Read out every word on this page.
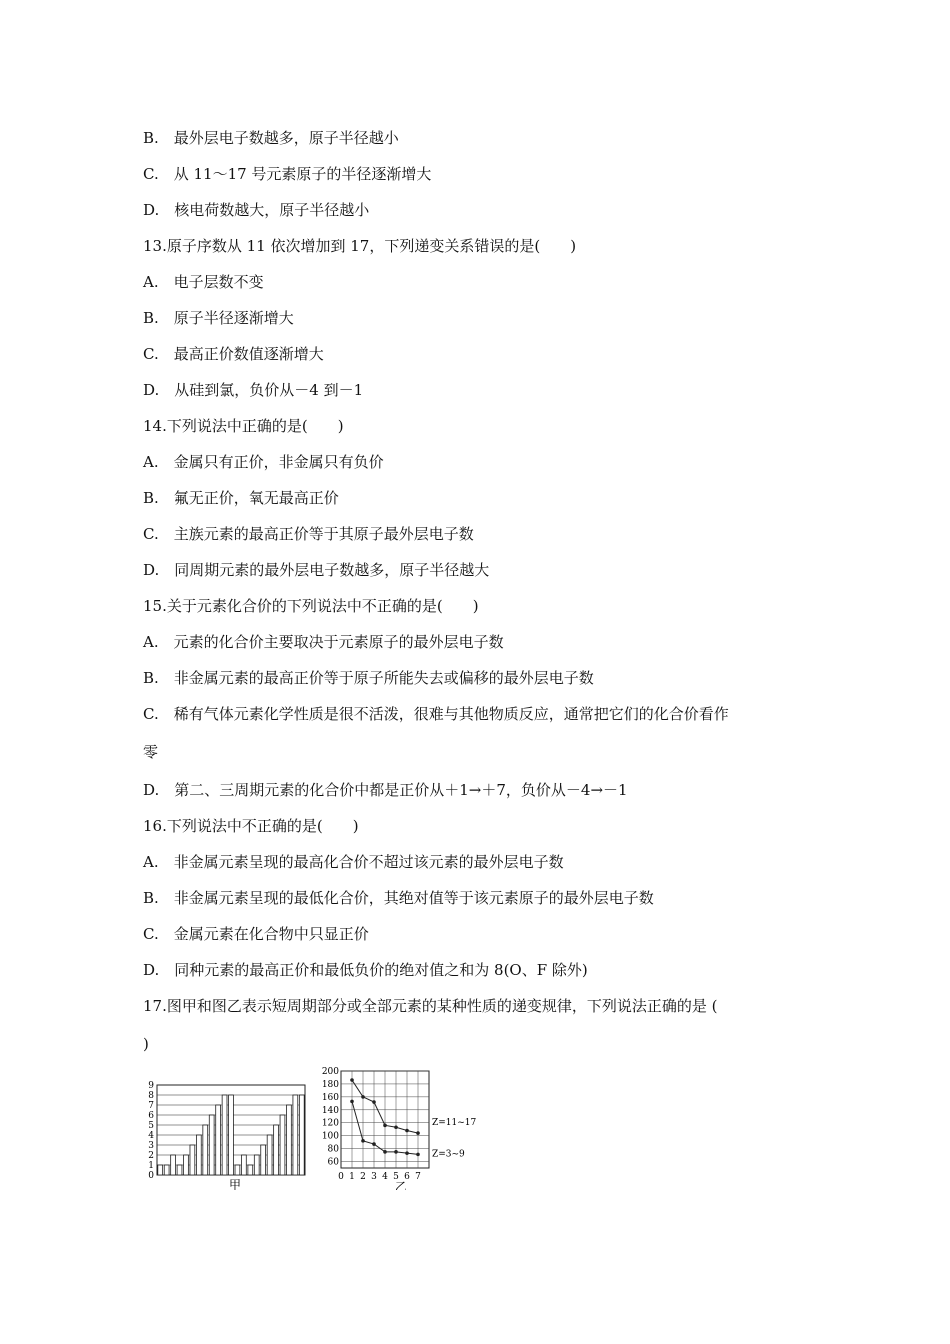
B.　最外层电子数越多，原子半径越小
C.　从 11～17 号元素原子的半径逐渐增大
D.　核电荷数越大，原子半径越小
13.原子序数从 11 依次增加到 17，下列递变关系错误的是(　　)
A.　电子层数不变
B.　原子半径逐渐增大
C.　最高正价数值逐渐增大
D.　从硅到氯，负价从－4 到－1
14.下列说法中正确的是(　　)
A.　金属只有正价，非金属只有负价
B.　氟无正价，氧无最高正价
C.　主族元素的最高正价等于其原子最外层电子数
D.　同周期元素的最外层电子数越多，原子半径越大
15.关于元素化合价的下列说法中不正确的是(　　)
A.　元素的化合价主要取决于元素原子的最外层电子数
B.　非金属元素的最高正价等于原子所能失去或偏移的最外层电子数
C.　稀有气体元素化学性质是很不活泼，很难与其他物质反应，通常把它们的化合价看作
零
D.　第二、三周期元素的化合价中都是正价从＋1→＋7，负价从－4→－1
16.下列说法中不正确的是(　　)
A.　非金属元素呈现的最高化合价不超过该元素的最外层电子数
B.　非金属元素呈现的最低化合价，其绝对值等于该元素原子的最外层电子数
C.　金属元素在化合物中只显正价
D.　同种元素的最高正价和最低负价的绝对值之和为 8(O、F 除外)
17.图甲和图乙表示短周期部分或全部元素的某种性质的递变规律，下列说法正确的是 (
)
0
1
2
3
4
5
6
7
8
9
甲
60
80
100
120
140
160
180
200
0 1 2 3 4 5 6 7
Z=11~17
Z=3~9
乙
